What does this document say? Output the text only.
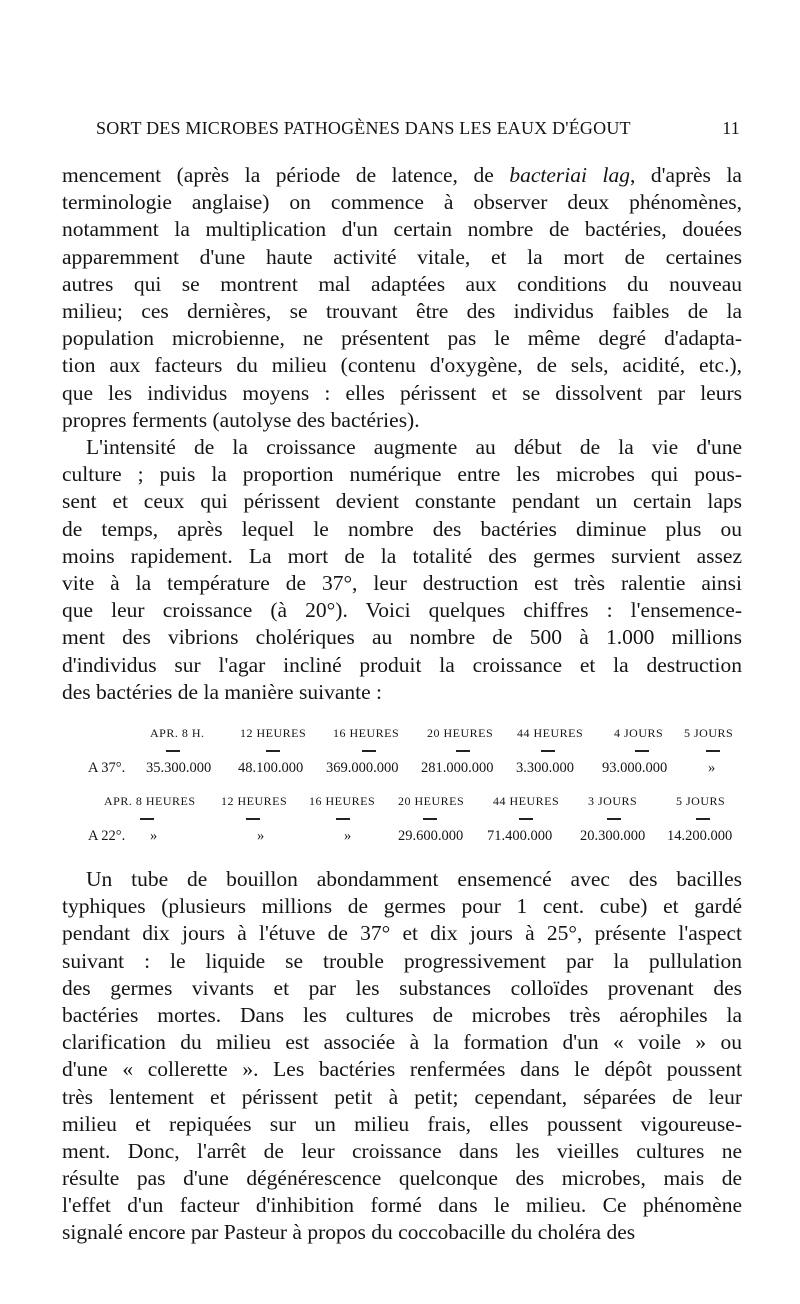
SORT DES MICROBES PATHOGÈNES DANS LES EAUX D'ÉGOUT	11
mencement (après la période de latence, de bacteriai lag, d'après la
terminologie anglaise) on commence à observer deux phénomènes,
notamment la multiplication d'un certain nombre de bactéries, douées
apparemment d'une haute activité vitale, et la mort de certaines
autres qui se montrent mal adaptées aux conditions du nouveau
milieu; ces dernières, se trouvant être des individus faibles de la
population microbienne, ne présentent pas le même degré d'adapta-
tion aux facteurs du milieu (contenu d'oxygène, de sels, acidité, etc.),
que les individus moyens : elles périssent et se dissolvent par leurs
propres ferments (autolyse des bactéries).
L'intensité de la croissance augmente au début de la vie d'une
culture ; puis la proportion numérique entre les microbes qui pous-
sent et ceux qui périssent devient constante pendant un certain laps
de temps, après lequel le nombre des bactéries diminue plus ou
moins rapidement. La mort de la totalité des germes survient assez
vite à la température de 37°, leur destruction est très ralentie ainsi
que leur croissance (à 20°). Voici quelques chiffres : l'ensemence-
ment des vibrions cholériques au nombre de 500 à 1.000 millions
d'individus sur l'agar incliné produit la croissance et la destruction
des bactéries de la manière suivante :
APR. 8 H.	12 HEURES 16 HEURES 20 HEURES 44 HEURES	4 JOURS 5 JOURS
A 37°. 35.300.000 48.100.000 369.000.000 281.000.000 3.300.000 93.000.000	»
APR. 8 HEURES 12 HEURES 16 HEURES 20 HEURES 44 HEURES 3 JOURS	5 JOURS
A 22°. »	»	»	29.600.000 71.400.000 20.300.000 14.200.000
Un tube de bouillon abondamment ensemencé avec des bacilles
typhiques (plusieurs millions de germes pour 1 cent. cube) et gardé
pendant dix jours à l'étuve de 37° et dix jours à 25°, présente l'aspect
suivant : le liquide se trouble progressivement par la pullulation
des germes vivants et par les substances colloïdes provenant des
bactéries mortes. Dans les cultures de microbes très aérophiles la
clarification du milieu est associée à la formation d'un « voile » ou
d'une « collerette ». Les bactéries renfermées dans le dépôt poussent
très lentement et périssent petit à petit; cependant, séparées de leur
milieu et repiquées sur un milieu frais, elles poussent vigoureuse-
ment. Donc, l'arrêt de leur croissance dans les vieilles cultures ne
résulte pas d'une dégénérescence quelconque des microbes, mais de
l'effet d'un facteur d'inhibition formé dans le milieu. Ce phénomène
signalé encore par Pasteur à propos du coccobacille du choléra des
